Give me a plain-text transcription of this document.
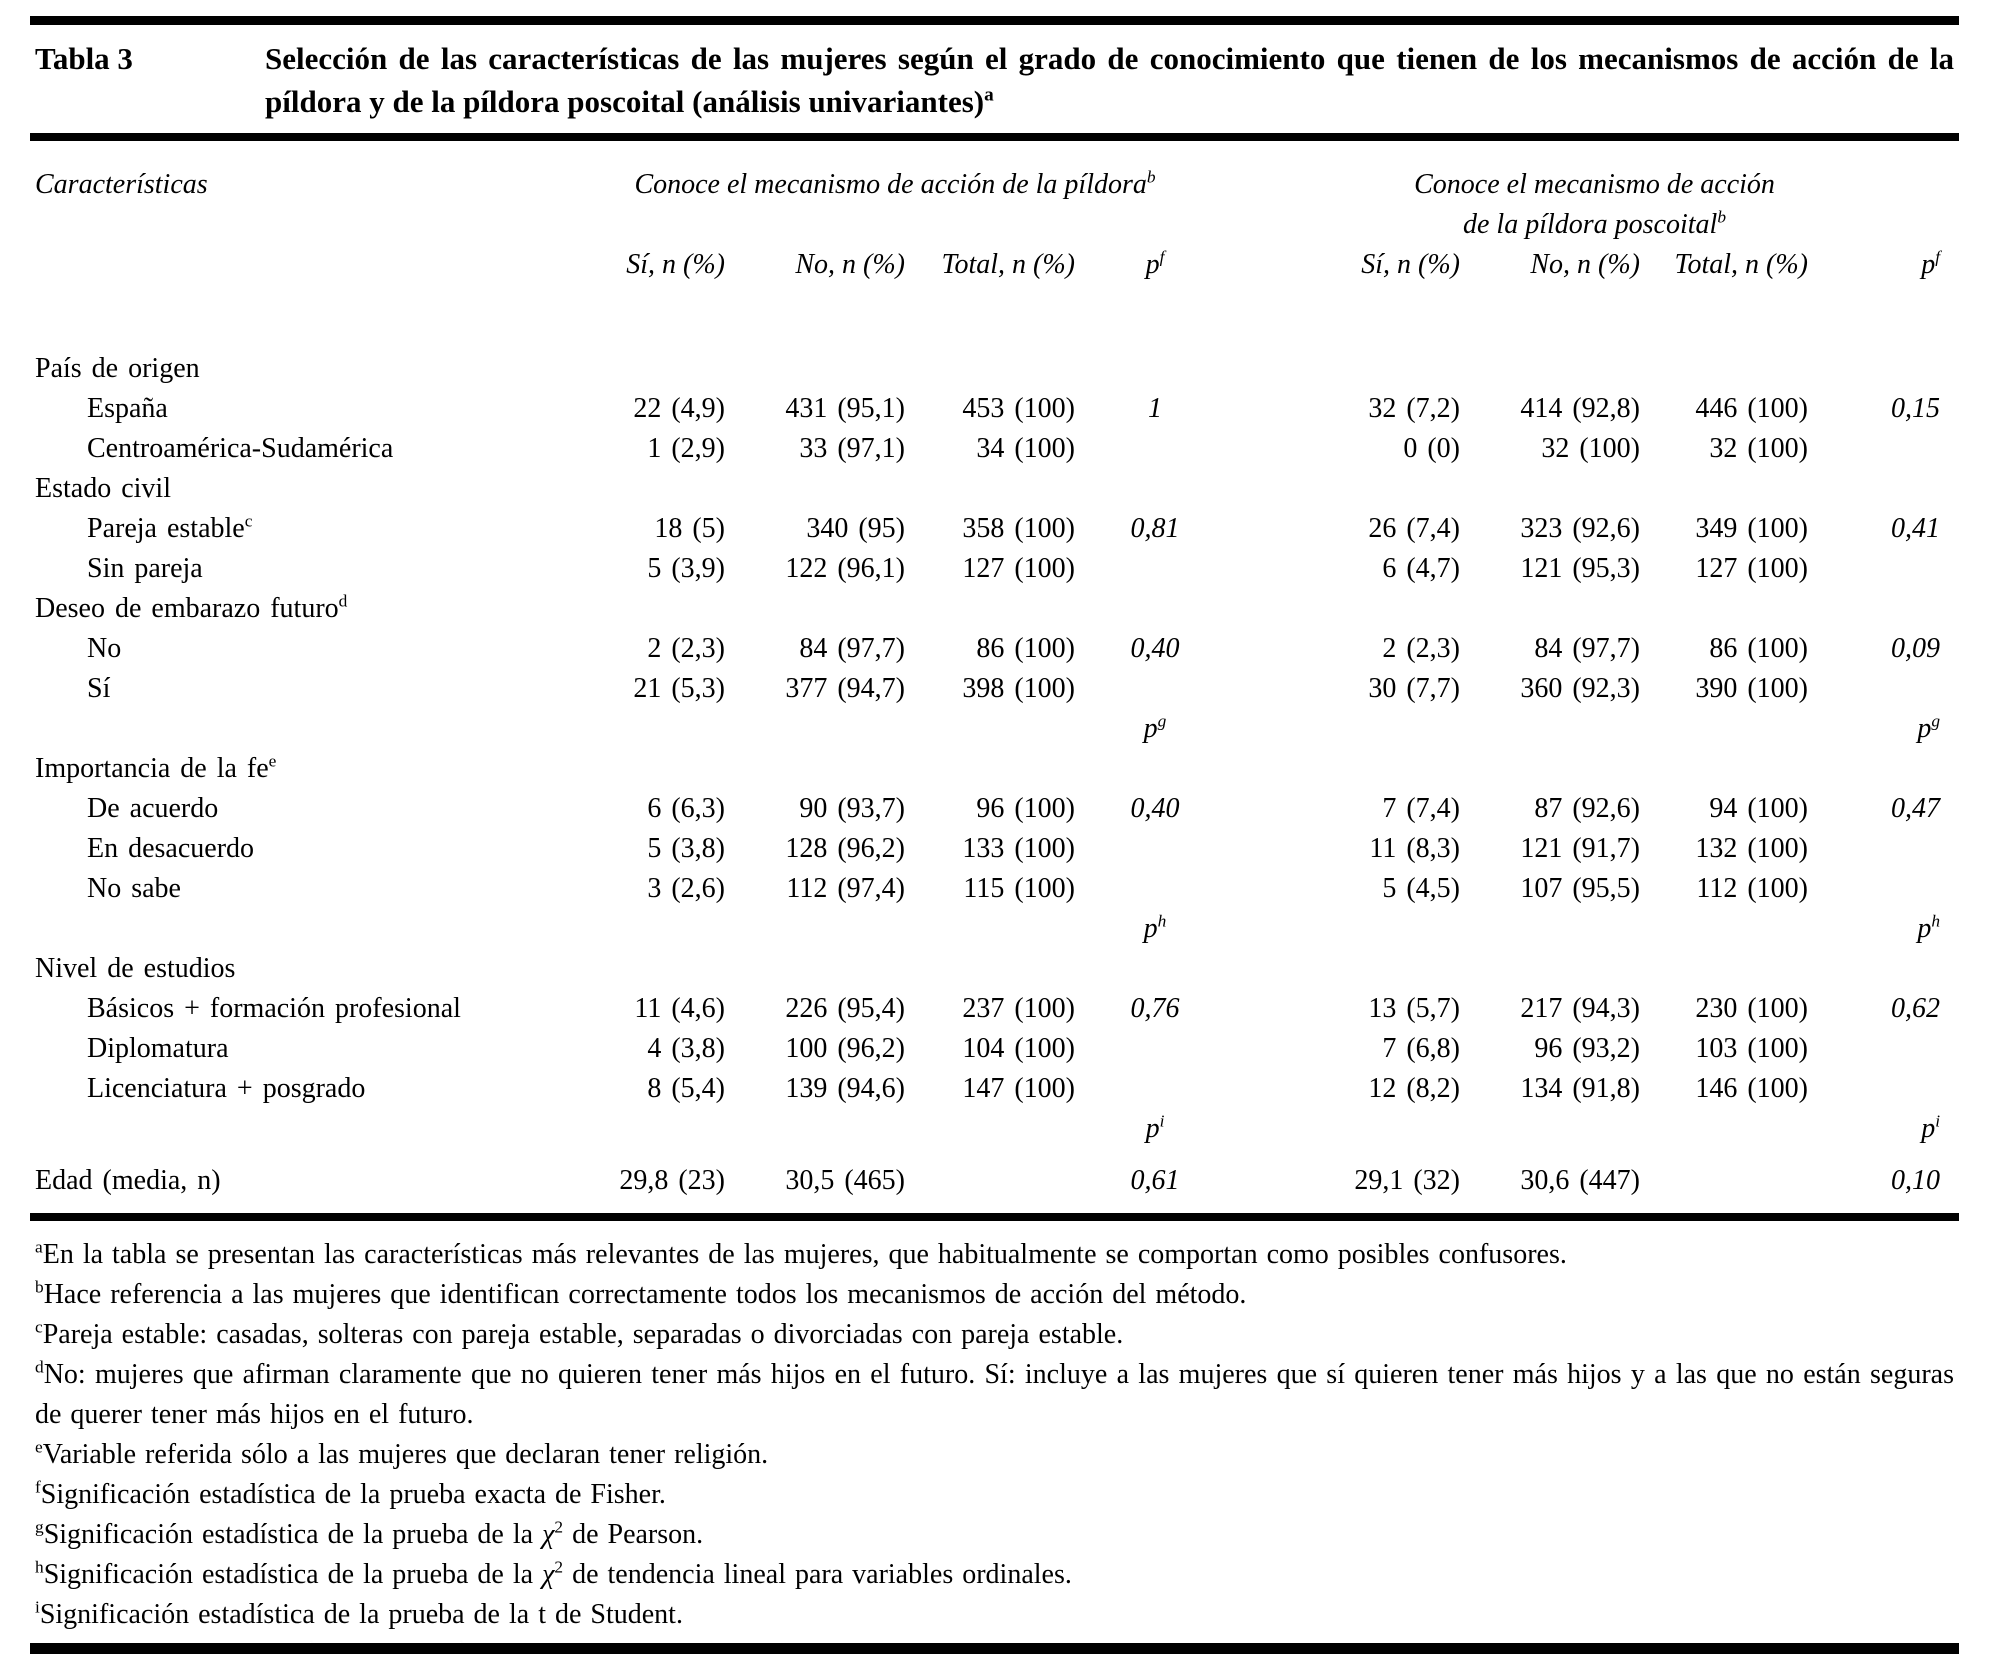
Tabla 3	Selección de las características de las mujeres según el grado de conocimiento que tienen de los mecanismos de acción de la píldora y de la píldora poscoital (análisis univariantes)$^a$

Características	Conoce el mecanismo de acción de la píldora$^b$				Conoce el mecanismo de acción
de la píldora poscoital$^b$

	Sí, n (%)	No, n (%)	Total, n (%)	$p^f$	Sí, n (%)	No, n (%)	Total, n (%)	$p^f$
País de origen								
España	22 (4,9)	431 (95,1)	453 (100)	1	32 (7,2)	414 (92,8)	446 (100)	0,15
Centroamérica-Sudamérica	1 (2,9)	33 (97,1)	34 (100)		0 (0)	32 (100)	32 (100)	
Estado civil								
Pareja estable$^c$	18 (5)	340 (95)	358 (100)	0,81	26 (7,4)	323 (92,6)	349 (100)	0,41
Sin pareja	5 (3,9)	122 (96,1)	127 (100)		6 (4,7)	121 (95,3)	127 (100)	
Deseo de embarazo futuro$^d$	
No	2 (2,3)	84 (97,7)	86 (100)	0,40	2 (2,3)	84 (97,7)	86 (100)	0,09
Sí	21 (5,3)	377 (94,7)	398 (100)		30 (7,7)	360 (92,3)	390 (100)	
				$p^g$				$p^g$
Importancia de la $fe^e$	
De acuerdo	6 (6,3)	90 (93,7)	96 (100)	0,40	7 (7,4)	87 (92,6)	94 (100)	0,47
En desacuerdo	5 (3,8)	128 (96,2)	133 (100)		11 (8,3)	121 (91,7)	132 (100)	
No sabe	3 (2,6)	112 (97,4)	115 (100)		5 (4,5)	107 (95,5)	112 (100)	
				$p^h$				$p^h$
Nivel de estudios								
Básicos + formación profesional	11 (4,6)	226 (95,4)	237 (100)	0,76	13 (5,7)	217 (94,3)	230 (100)	0,62
Diplomatura	4 (3,8)	100 (96,2)	104 (100)		7 (6,8)	96 (93,2)	103 (100)	
Licenciatura + posgrado	8 (5,4)	139 (94,6)	147 (100)		12 (8,2)	134 (91,8)	146 (100)	
				$p^i$				$p^i$
Edad (media, n)	29,8 (23)	30,5 (465)		0,61	29,1 (32)	30,6 (447)		0,10

$^a$En la tabla se presentan las características más relevantes de las mujeres, que habitualmente se comportan como posibles confusores.

$^b$Hace referencia a las mujeres que identifican correctamente todos los mecanismos de acción del método.

$^c$Pareja estable: casadas, solteras con pareja estable, separadas o divorciadas con pareja estable.

$^d$No: mujeres que afirman claramente que no quieren tener más hijos en el futuro. Sí: incluye a las mujeres que sí quieren tener más hijos y a las que no están seguras de querer tener más hijos en el futuro.

$^e$Variable referida sólo a las mujeres que declaran tener religión.

$^f$Significación estadística de la prueba exacta de Fisher.

$^g$Significación estadística de la prueba de la $\chi^2$ de Pearson.

$^h$Significación estadística de la prueba de la $\chi^2$ de tendencia lineal para variables ordinales.

$^i$Significación estadística de la prueba de la t de Student.
